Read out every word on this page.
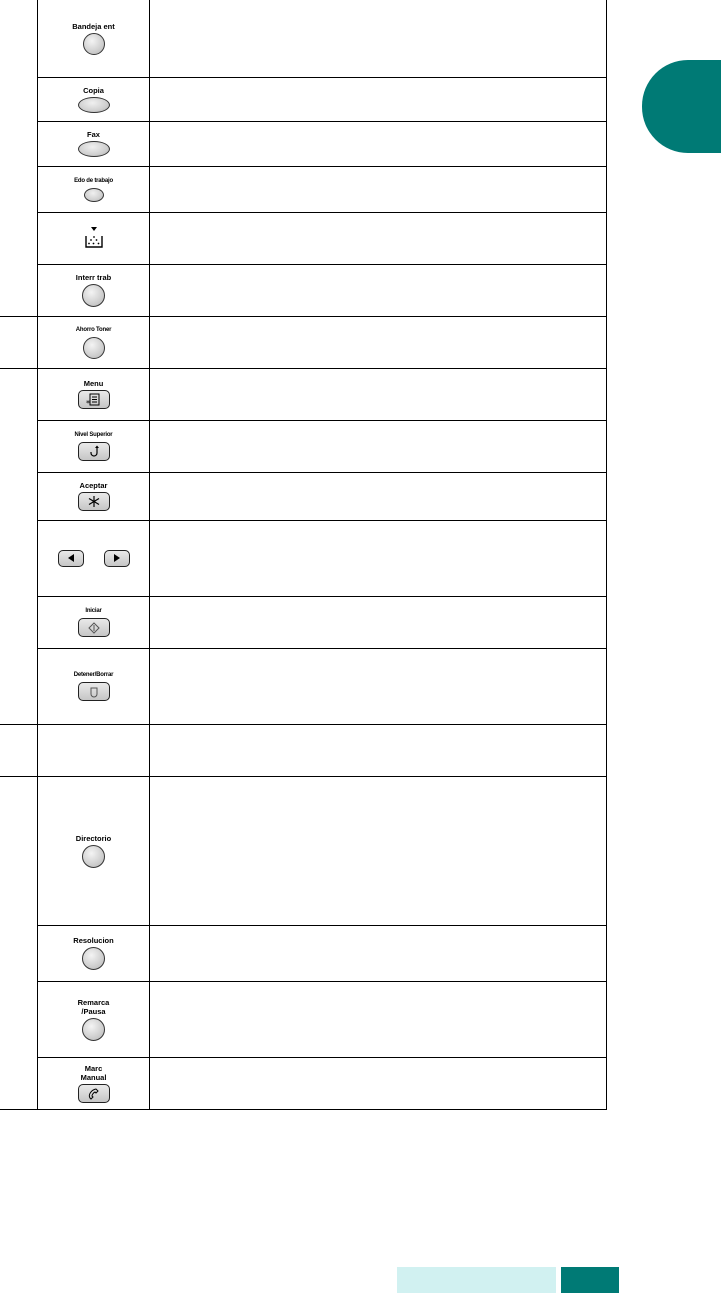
	Bandeja ent	

	Copia	

	Fax	

	Edo de trabajo	

	Interr trab	

	Ahorro Toner	

	Menu
*	

	Nivel Superior	

	Aceptar	

	Iniciar	

	Detener/Borrar	

	Directorio	

	Resolucion	

	Remarca
/Pausa	

	Marc
Manual	
